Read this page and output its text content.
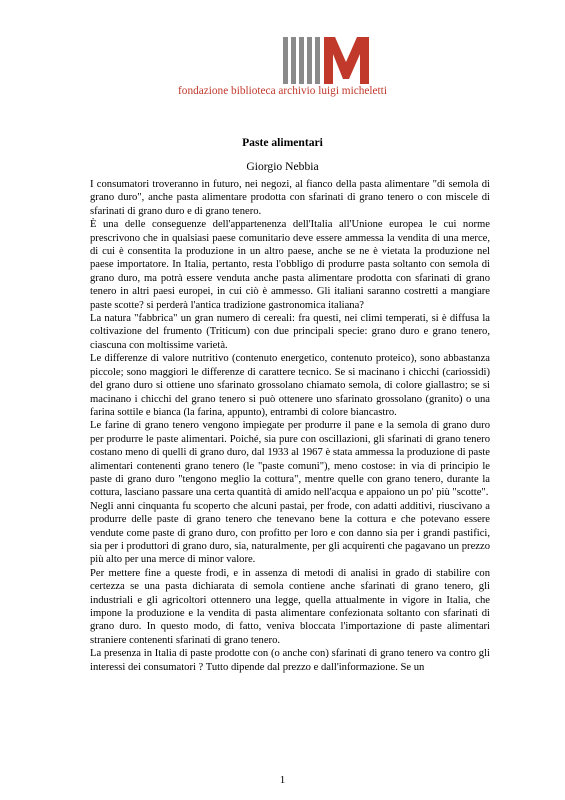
fondazione biblioteca archivio luigi micheletti
Paste alimentari
Giorgio Nebbia

I consumatori troveranno in futuro, nei negozi, al fianco della pasta alimentare "di semola di grano duro", anche pasta alimentare prodotta con sfarinati di grano tenero o con miscele di sfarinati di grano duro e di grano tenero.

È una delle conseguenze dell'appartenenza dell'Italia all'Unione europea le cui norme prescrivono che in qualsiasi paese comunitario deve essere ammessa la vendita di una merce, di cui è consentita la produzione in un altro paese, anche se ne è vietata la produzione nel paese importatore. In Italia, pertanto, resta l'obbligo di produrre pasta soltanto con semola di grano duro, ma potrà essere venduta anche pasta alimentare prodotta con sfarinati di grano tenero in altri paesi europei, in cui ciò è ammesso. Gli italiani saranno costretti a mangiare paste scotte? si perderà l'antica tradizione gastronomica italiana?

La natura "fabbrica" un gran numero di cereali: fra questi, nei climi temperati, si è diffusa la coltivazione del frumento (Triticum) con due principali specie: grano duro e grano tenero, ciascuna con moltissime varietà.

Le differenze di valore nutritivo (contenuto energetico, contenuto proteico), sono abbastanza piccole; sono maggiori le differenze di carattere tecnico. Se si macinano i chicchi (cariossidi) del grano duro si ottiene uno sfarinato grossolano chiamato semola, di colore giallastro; se si macinano i chicchi del grano tenero si può ottenere uno sfarinato grossolano (granito) o una farina sottile e bianca (la farina, appunto), entrambi di colore biancastro.

Le farine di grano tenero vengono impiegate per produrre il pane e la semola di grano duro per produrre le paste alimentari. Poiché, sia pure con oscillazioni, gli sfarinati di grano tenero costano meno di quelli di grano duro, dal 1933 al 1967 è stata ammessa la produzione di paste alimentari contenenti grano tenero (le "paste comuni"), meno costose: in via di principio le paste di grano duro "tengono meglio la cottura", mentre quelle con grano tenero, durante la cottura, lasciano passare una certa quantità di amido nell'acqua e appaiono un po' più "scotte".

Negli anni cinquanta fu scoperto che alcuni pastai, per frode, con adatti additivi, riuscivano a produrre delle paste di grano tenero che tenevano bene la cottura e che potevano essere vendute come paste di grano duro, con profitto per loro e con danno sia per i grandi pastifici, sia per i produttori di grano duro, sia, naturalmente, per gli acquirenti che pagavano un prezzo più alto per una merce di minor valore.

Per mettere fine a queste frodi, e in assenza di metodi di analisi in grado di stabilire con certezza se una pasta dichiarata di semola contiene anche sfarinati di grano tenero, gli industriali e gli agricoltori ottennero una legge, quella attualmente in vigore in Italia, che impone la produzione e la vendita di pasta alimentare confezionata soltanto con sfarinati di grano duro. In questo modo, di fatto, veniva bloccata l'importazione di paste alimentari straniere contenenti sfarinati di grano tenero.

La presenza in Italia di paste prodotte con (o anche con) sfarinati di grano tenero va contro gli interessi dei consumatori ? Tutto dipende dal prezzo e dall'informazione. Se un

1
